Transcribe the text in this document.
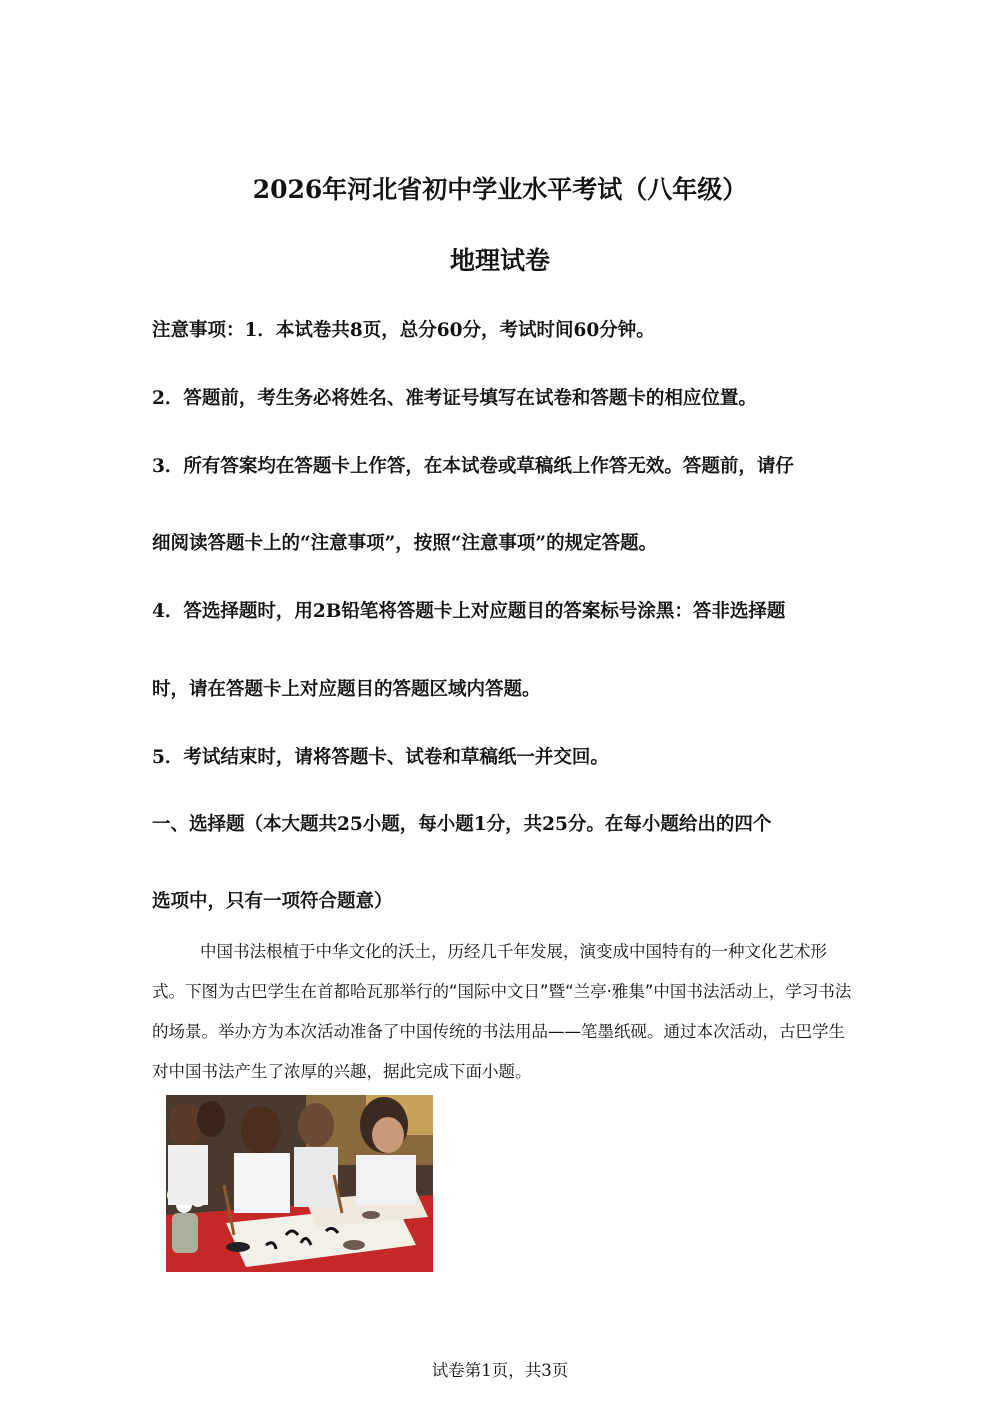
2026年河北省初中学业水平考试（八年级）
地理试卷
注意事项：1．本试卷共8页，总分60分，考试时间60分钟。
2．答题前，考生务必将姓名、准考证号填写在试卷和答题卡的相应位置。
3．所有答案均在答题卡上作答，在本试卷或草稿纸上作答无效。答题前，请仔
细阅读答题卡上的“注意事项”，按照“注意事项”的规定答题。
4．答选择题时，用2B铅笔将答题卡上对应题目的答案标号涂黑：答非选择题
时，请在答题卡上对应题目的答题区域内答题。
5．考试结束时，请将答题卡、试卷和草稿纸一并交回。
一、选择题（本大题共25小题，每小题1分，共25分。在每小题给出的四个
选项中，只有一项符合题意）
中国书法根植于中华文化的沃土，历经几千年发展，演变成中国特有的一种文化艺术形式。下图为古巴学生在首都哈瓦那举行的“国际中文日”暨“兰亭·雅集”中国书法活动上，学习书法的场景。举办方为本次活动准备了中国传统的书法用品——笔墨纸砚。通过本次活动，古巴学生对中国书法产生了浓厚的兴趣，据此完成下面小题。
试卷第1页，共3页
